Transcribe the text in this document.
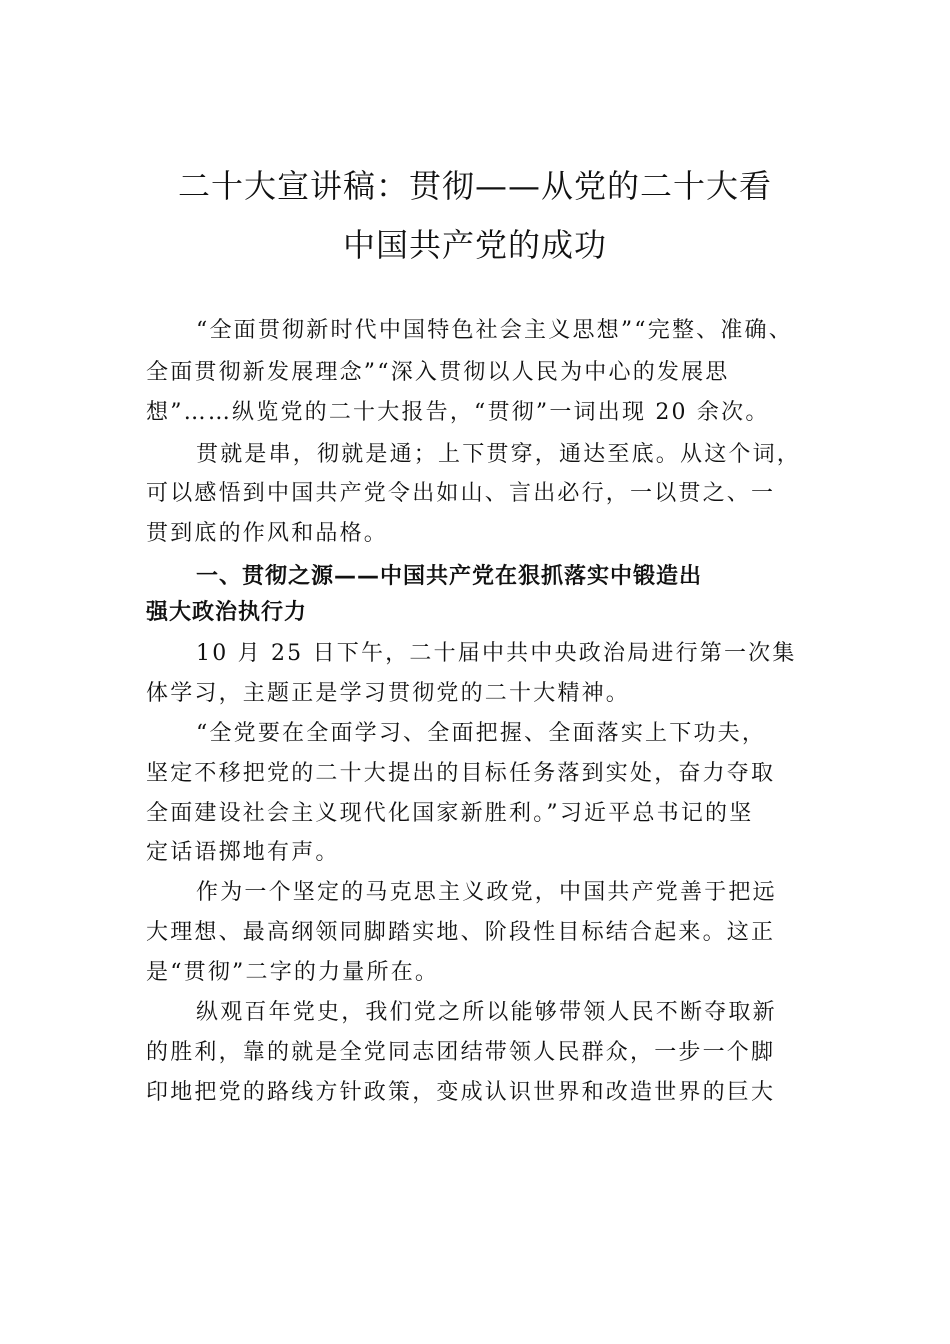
二十大宣讲稿：贯彻——从党的二十大看
中国共产党的成功
“全面贯彻新时代中国特色社会主义思想”“完整、准确、
全面贯彻新发展理念”“深入贯彻以人民为中心的发展思
想”……纵览党的二十大报告，“贯彻”一词出现 20 余次。
贯就是串，彻就是通；上下贯穿，通达至底。从这个词，
可以感悟到中国共产党令出如山、言出必行，一以贯之、一
贯到底的作风和品格。
一、贯彻之源——中国共产党在狠抓落实中锻造出
强大政治执行力
10 月 25 日下午，二十届中共中央政治局进行第一次集
体学习，主题正是学习贯彻党的二十大精神。
“全党要在全面学习、全面把握、全面落实上下功夫，
坚定不移把党的二十大提出的目标任务落到实处，奋力夺取
全面建设社会主义现代化国家新胜利。”习近平总书记的坚
定话语掷地有声。
作为一个坚定的马克思主义政党，中国共产党善于把远
大理想、最高纲领同脚踏实地、阶段性目标结合起来。这正
是“贯彻”二字的力量所在。
纵观百年党史，我们党之所以能够带领人民不断夺取新
的胜利，靠的就是全党同志团结带领人民群众，一步一个脚
印地把党的路线方针政策，变成认识世界和改造世界的巨大
